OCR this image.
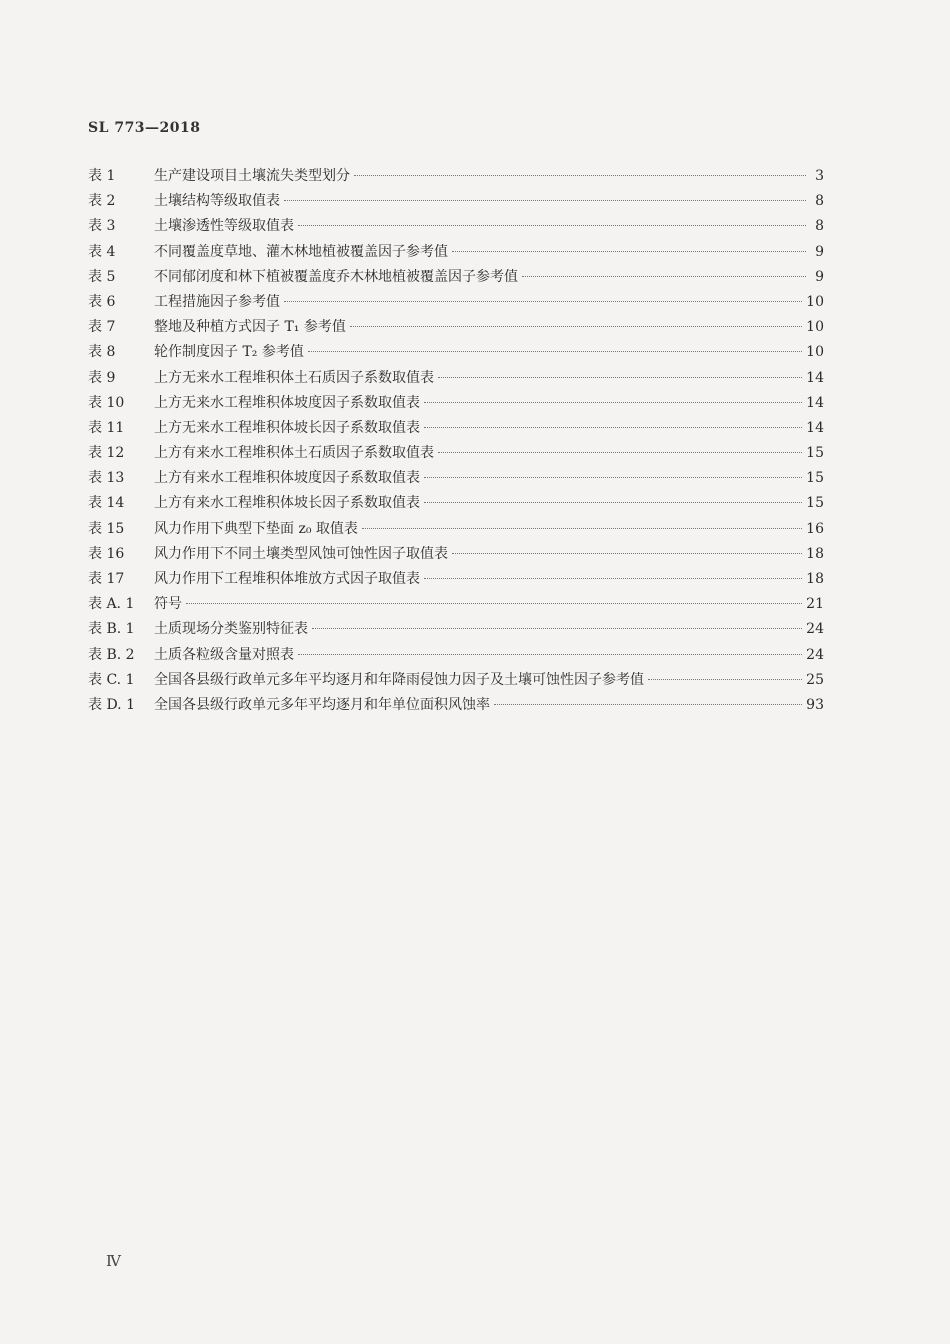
SL 773—2018
表 1	生产建设项目土壤流失类型划分	3
表 2	土壤结构等级取值表	8
表 3	土壤渗透性等级取值表	8
表 4	不同覆盖度草地、灌木林地植被覆盖因子参考值	9
表 5	不同郁闭度和林下植被覆盖度乔木林地植被覆盖因子参考值	9
表 6	工程措施因子参考值	10
表 7	整地及种植方式因子 T₁ 参考值	10
表 8	轮作制度因子 T₂ 参考值	10
表 9	上方无来水工程堆积体土石质因子系数取值表	14
表 10	上方无来水工程堆积体坡度因子系数取值表	14
表 11	上方无来水工程堆积体坡长因子系数取值表	14
表 12	上方有来水工程堆积体土石质因子系数取值表	15
表 13	上方有来水工程堆积体坡度因子系数取值表	15
表 14	上方有来水工程堆积体坡长因子系数取值表	15
表 15	风力作用下典型下垫面 z₀ 取值表	16
表 16	风力作用下不同土壤类型风蚀可蚀性因子取值表	18
表 17	风力作用下工程堆积体堆放方式因子取值表	18
表 A. 1	符号	21
表 B. 1	土质现场分类鉴别特征表	24
表 B. 2	土质各粒级含量对照表	24
表 C. 1	全国各县级行政单元多年平均逐月和年降雨侵蚀力因子及土壤可蚀性因子参考值	25
表 D. 1	全国各县级行政单元多年平均逐月和年单位面积风蚀率	93
Ⅳ
